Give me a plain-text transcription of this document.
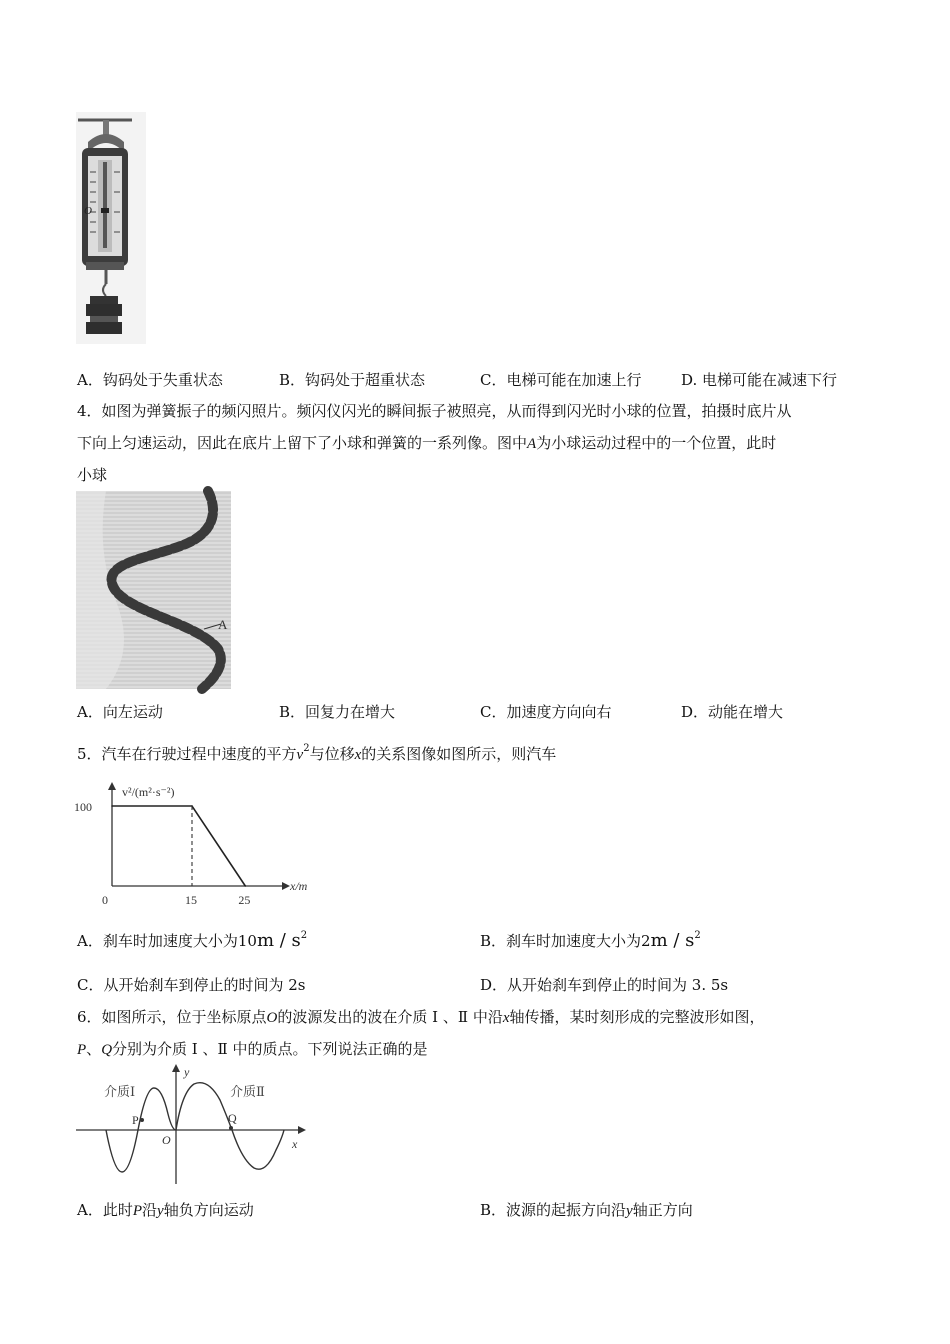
O
A．钩码处于失重状态	B．钩码处于超重状态	C．电梯可能在加速上行	D. 电梯可能在减速下行
4．如图为弹簧振子的频闪照片。频闪仪闪光的瞬间振子被照亮，从而得到闪光时小球的位置，拍摄时底片从
下向上匀速运动，因此在底片上留下了小球和弹簧的一系列像。图中A为小球运动过程中的一个位置，此时
小球
A
A．向左运动	B．回复力在增大	C．加速度方向向右	D．动能在增大
5．汽车在行驶过程中速度的平方$v^2$与位移x的关系图像如图所示，则汽车
v²/(m²·s⁻²)
x/m
0	15	25
100
A．刹车时加速度大小为$10m / s^2$	B．刹车时加速度大小为$2m / s^2$
C．从开始刹车到停止的时间为 2s	D．从开始刹车到停止的时间为 3. 5s
6．如图所示，位于坐标原点O的波源发出的波在介质 Ⅰ 、Ⅱ 中沿x轴传播，某时刻形成的完整波形如图，
P、Q分别为介质 Ⅰ 、Ⅱ 中的质点。下列说法正确的是
介质Ⅰ	介质Ⅱ
P	Q
O	x
y
A．此时P沿y轴负方向运动	B．波源的起振方向沿y轴正方向
